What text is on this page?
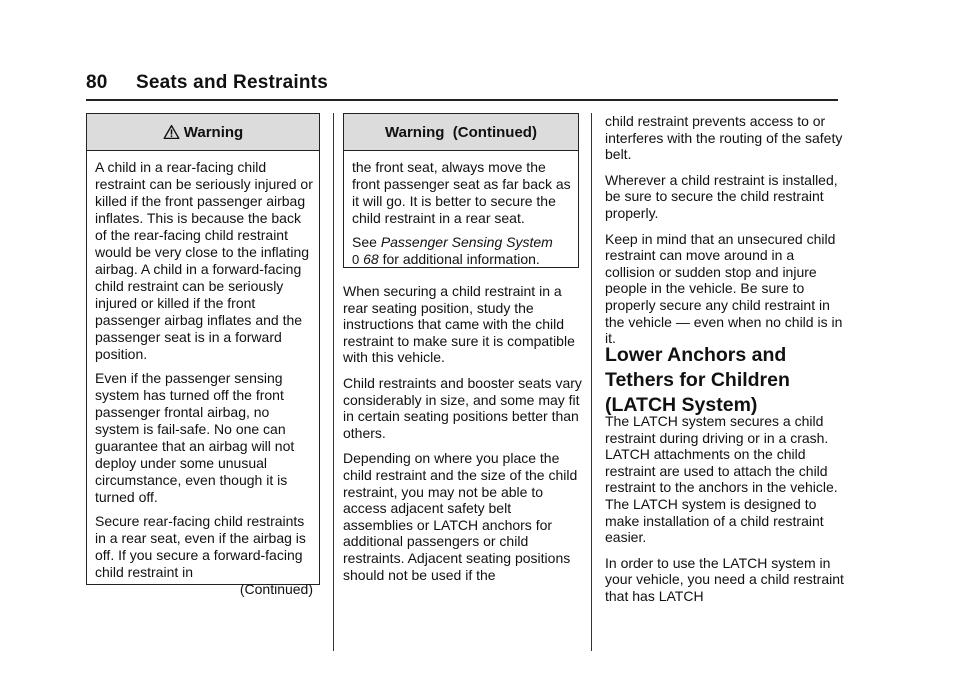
80 Seats and Restraints
Warning

A child in a rear-facing child restraint can be seriously injured or killed if the front passenger airbag inflates. This is because the back of the rear-facing child restraint would be very close to the inflating airbag. A child in a forward-facing child restraint can be seriously injured or killed if the front passenger airbag inflates and the passenger seat is in a forward position.

Even if the passenger sensing system has turned off the front passenger frontal airbag, no system is fail-safe. No one can guarantee that an airbag will not deploy under some unusual circumstance, even though it is turned off.

Secure rear-facing child restraints in a rear seat, even if the airbag is off. If you secure a forward-facing child restraint in

(Continued)

Warning  (Continued)

the front seat, always move the front passenger seat as far back as it will go. It is better to secure the child restraint in a rear seat.

See Passenger Sensing System
0 68 for additional information.

When securing a child restraint in a rear seating position, study the instructions that came with the child restraint to make sure it is compatible with this vehicle.

Child restraints and booster seats vary considerably in size, and some may fit in certain seating positions better than others.

Depending on where you place the child restraint and the size of the child restraint, you may not be able to access adjacent safety belt assemblies or LATCH anchors for additional passengers or child restraints. Adjacent seating positions should not be used if the

child restraint prevents access to or interferes with the routing of the safety belt.

Wherever a child restraint is installed, be sure to secure the child restraint properly.

Keep in mind that an unsecured child restraint can move around in a collision or sudden stop and injure people in the vehicle. Be sure to properly secure any child restraint in the vehicle — even when no child is in it.

Lower Anchors and
Tethers for Children
(LATCH System)

The LATCH system secures a child restraint during driving or in a crash. LATCH attachments on the child restraint are used to attach the child restraint to the anchors in the vehicle. The LATCH system is designed to make installation of a child restraint easier.

In order to use the LATCH system in your vehicle, you need a child restraint that has LATCH
